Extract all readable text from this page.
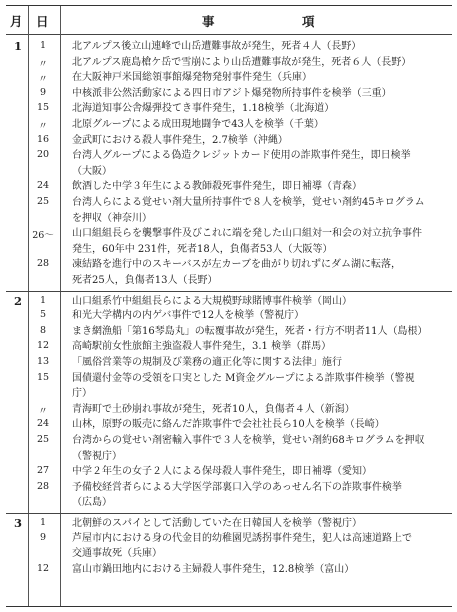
月 日	事	項
1	1	北アルプス後立山連峰で山岳遭難事故が発生，死者４人（長野）
〃	北アルプス鹿島槍ケ岳で雪崩により山岳遭難事故が発生，死者６人（長野）
〃	在大阪神戸米国総領事館爆発物発射事件発生（兵庫）
9	中核派非公然活動家による四日市アジト爆発物所持事件を検挙（三重）
15	北海道知事公舎爆弾投てき事件発生，1.18検挙（北海道）
〃	北原グループによる成田現地闘争で43人を検挙（千葉）
16	金武町における殺人事件発生，2.7検挙（沖縄）
20	台湾人グループによる偽造クレジットカード使用の詐欺事件発生，即日検挙
（大阪）
24	飲酒した中学３年生による教師殺死事件発生，即日補導（青森）
25	台湾人らによる覚せい剤大量所持事件で８人を検挙，覚せい剤約45キログラム
を押収（神奈川）
26～	山口組組長らを襲撃事件及びこれに端を発した山口組対一和会の対立抗争事件
発生，60年中 231件，死者18人，負傷者53人（大阪等）
28	凍結路を進行中のスキーバスが左カーブを曲がり切れずにダム湖に転落，
死者25人，負傷者13人（長野）
2	1	山口組系竹中組組長らによる大規模野球賭博事件検挙（岡山）
5	和光大学構内の内ゲバ事件で12人を検挙（警視庁）
8	まき網漁船「第16琴島丸」の転覆事故が発生，死者・行方不明者11人（島根）
12	高崎駅前女性旅館主強盗殺人事件発生，3.1 検挙（群馬）
13	「風俗営業等の規制及び業務の適正化等に関する法律」施行
15	国債還付金等の受領を口実とした M資金グループによる詐欺事件検挙（警視
庁）
〃	青海町で土砂崩れ事故が発生，死者10人，負傷者４人（新潟）
24	山林，原野の販売に絡んだ詐欺事件で会社社長ら10人を検挙（長崎）
25	台湾からの覚せい剤密輸入事件で３人を検挙，覚せい剤約68キログラムを押収
（警視庁）
27	中学２年生の女子２人による保母殺人事件発生，即日補導（愛知）
28	予備校経営者らによる大学医学部裏口入学のあっせん名下の詐欺事件検挙
（広島）
3	1	北朝鮮のスパイとして活動していた在日韓国人を検挙（警視庁）
9	芦屋市内における身の代金目的幼稚園児誘拐事件発生，犯人は高速道路上で
交通事故死（兵庫）
12	富山市鍋田地内における主婦殺人事件発生，12.8検挙（富山）
